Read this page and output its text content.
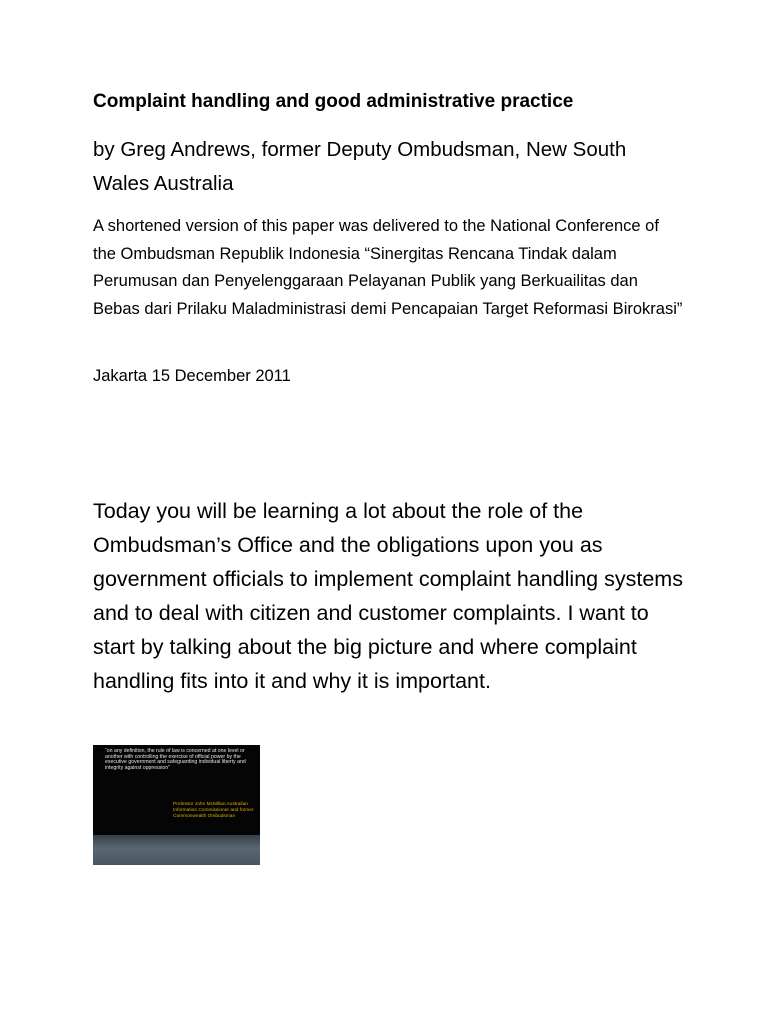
Complaint handling and good administrative practice

by Greg Andrews, former Deputy Ombudsman, New South Wales Australia

A shortened version of this paper was delivered to the National Conference of the Ombudsman Republik Indonesia “Sinergitas Rencana Tindak dalam Perumusan dan Penyelenggaraan Pelayanan Publik yang Berkuailitas dan Bebas dari Prilaku Maladministrasi demi Pencapaian Target Reformasi Birokrasi”

Jakarta 15 December 2011

Today you will be learning a lot about the role of the Ombudsman’s Office and the obligations upon you as government officials to implement complaint handling systems and to deal with citizen and customer complaints. I want to start by talking about the big picture and where complaint handling fits into it and why it is important.

“on any definition, the rule of law is concerned at one level or another with controlling the exercise of official power by the executive government and safeguarding individual liberty and integrity against oppression”

Professor John McMillan Australian Information Commissioner and former Commonwealth Ombudsman
